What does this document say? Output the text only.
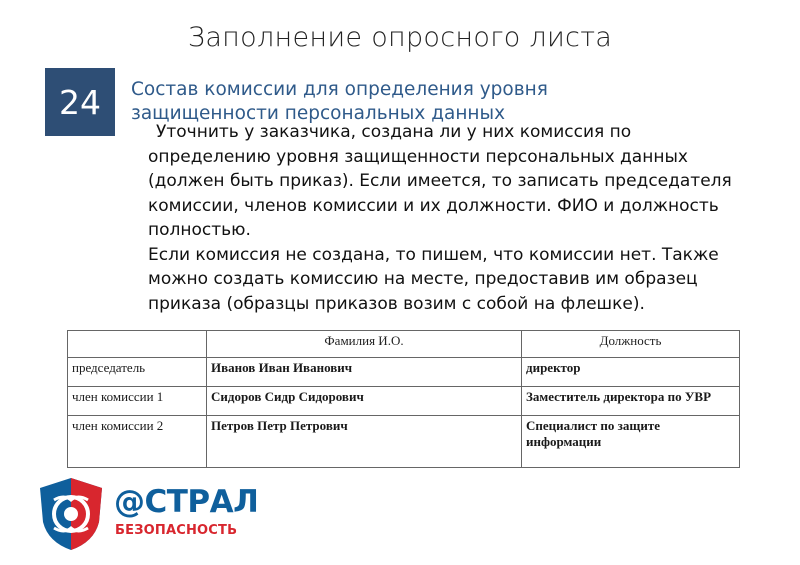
Заполнение опросного листа
24 Состав комиссии для определения уровня защищенности персональных данных

Уточнить у заказчика, создана ли у них комиссия по определению уровня защищенности персональных данных (должен быть приказ). Если имеется, то записать председателя комиссии, членов комиссии и их должности. ФИО и должность полностью.

Если комиссия не создана, то пишем, что комиссии нет. Также можно создать комиссию на месте, предоставив им образец приказа (образцы приказов возим с собой на флешке).

	Фамилия И.О.	Должность
председатель	Иванов Иван Иванович	директор
член комиссии 1	Сидоров Сидр Сидорович	Заместитель директора по УВР
член комиссии 2	Петров Петр Петрович	Специалист по защите информации
@СТРАЛ
БЕЗОПАСНОСТЬ
